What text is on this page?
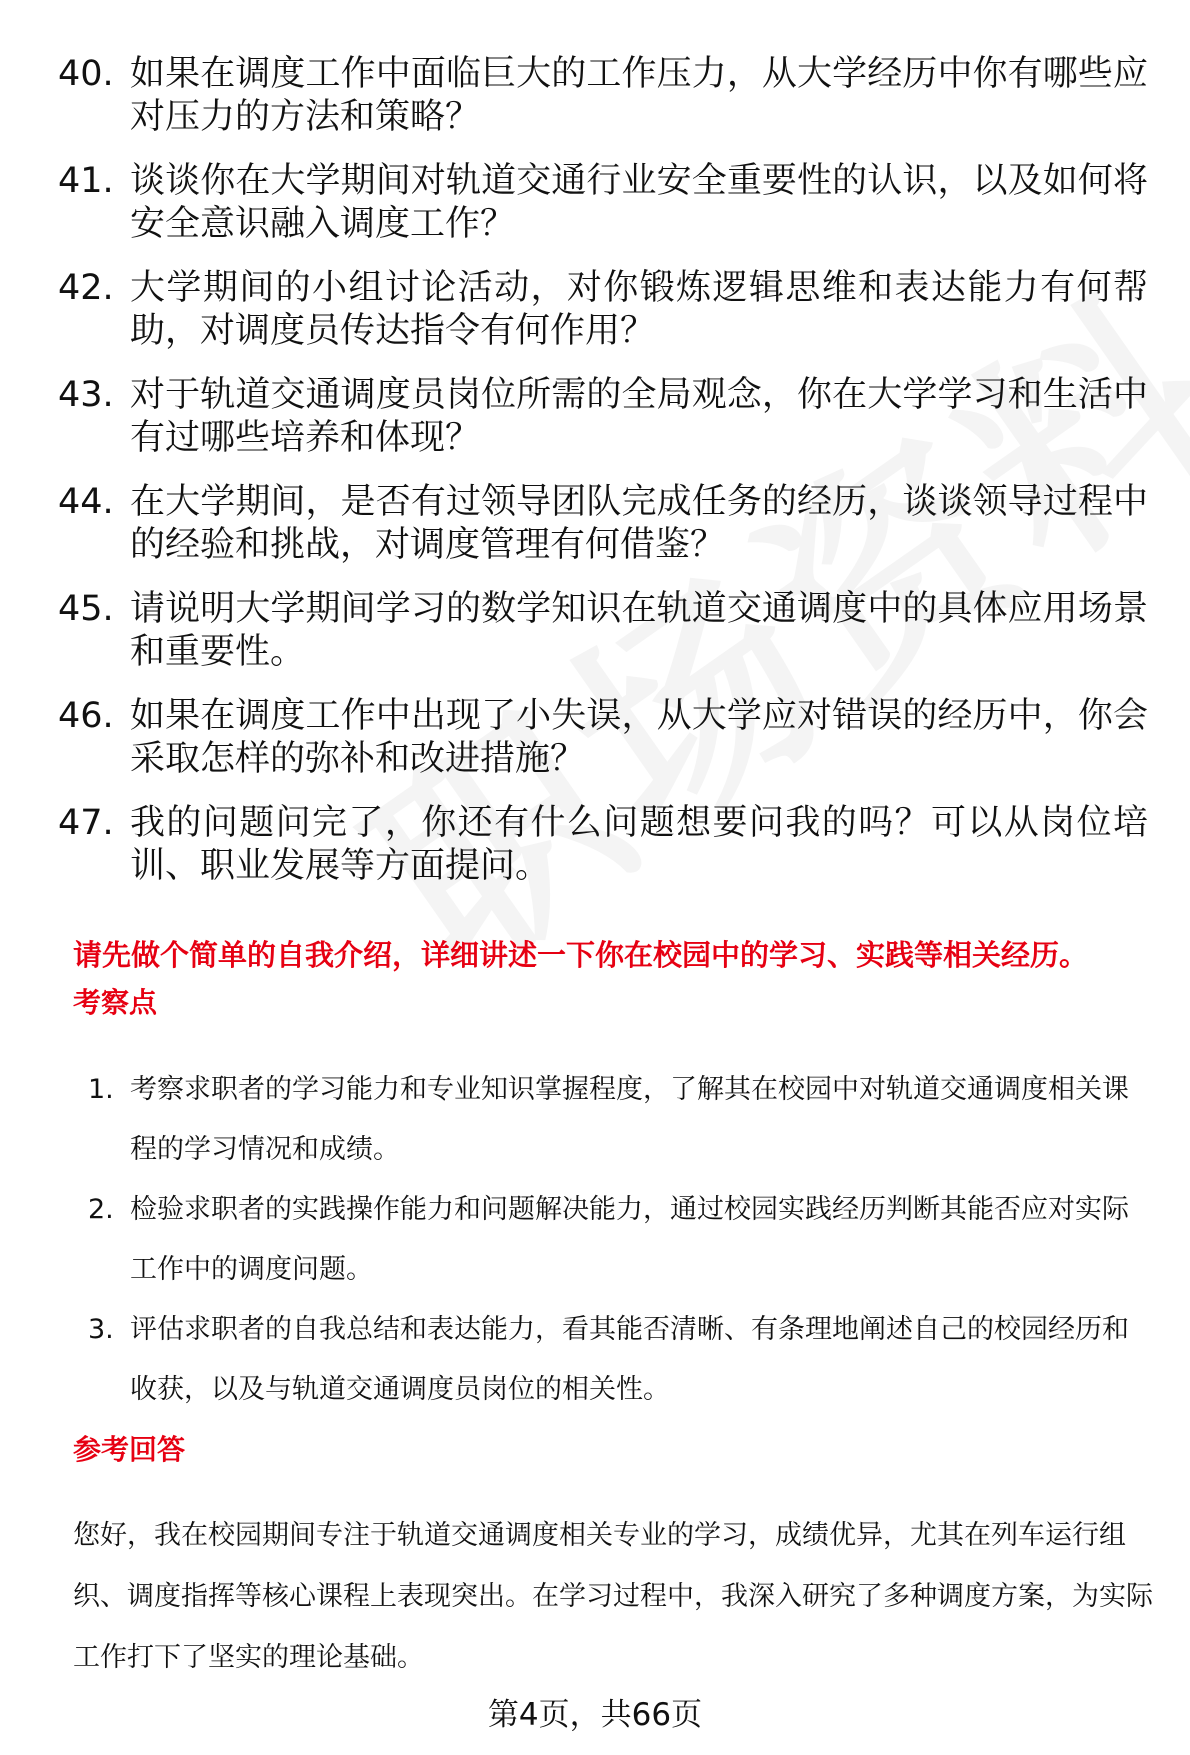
40. 如果在调度工作中面临巨大的工作压力，从大学经历中你有哪些应对压力的方法和策略？
41. 谈谈你在大学期间对轨道交通行业安全重要性的认识，以及如何将安全意识融入调度工作？
42. 大学期间的小组讨论活动，对你锻炼逻辑思维和表达能力有何帮助，对调度员传达指令有何作用？
43. 对于轨道交通调度员岗位所需的全局观念，你在大学学习和生活中有过哪些培养和体现？
44. 在大学期间，是否有过领导团队完成任务的经历，谈谈领导过程中的经验和挑战，对调度管理有何借鉴？
45. 请说明大学期间学习的数学知识在轨道交通调度中的具体应用场景和重要性。
46. 如果在调度工作中出现了小失误，从大学应对错误的经历中，你会采取怎样的弥补和改进措施？
47. 我的问题问完了，你还有什么问题想要问我的吗？可以从岗位培训、职业发展等方面提问。
请先做个简单的自我介绍，详细讲述一下你在校园中的学习、实践等相关经历。
考察点
1. 考察求职者的学习能力和专业知识掌握程度，了解其在校园中对轨道交通调度相关课程的学习情况和成绩。
2. 检验求职者的实践操作能力和问题解决能力，通过校园实践经历判断其能否应对实际工作中的调度问题。
3. 评估求职者的自我总结和表达能力，看其能否清晰、有条理地阐述自己的校园经历和收获，以及与轨道交通调度员岗位的相关性。
参考回答

您好，我在校园期间专注于轨道交通调度相关专业的学习，成绩优异，尤其在列车运行组织、调度指挥等核心课程上表现突出。在学习过程中，我深入研究了多种调度方案，为实际工作打下了坚实的理论基础。

第4页，共66页
